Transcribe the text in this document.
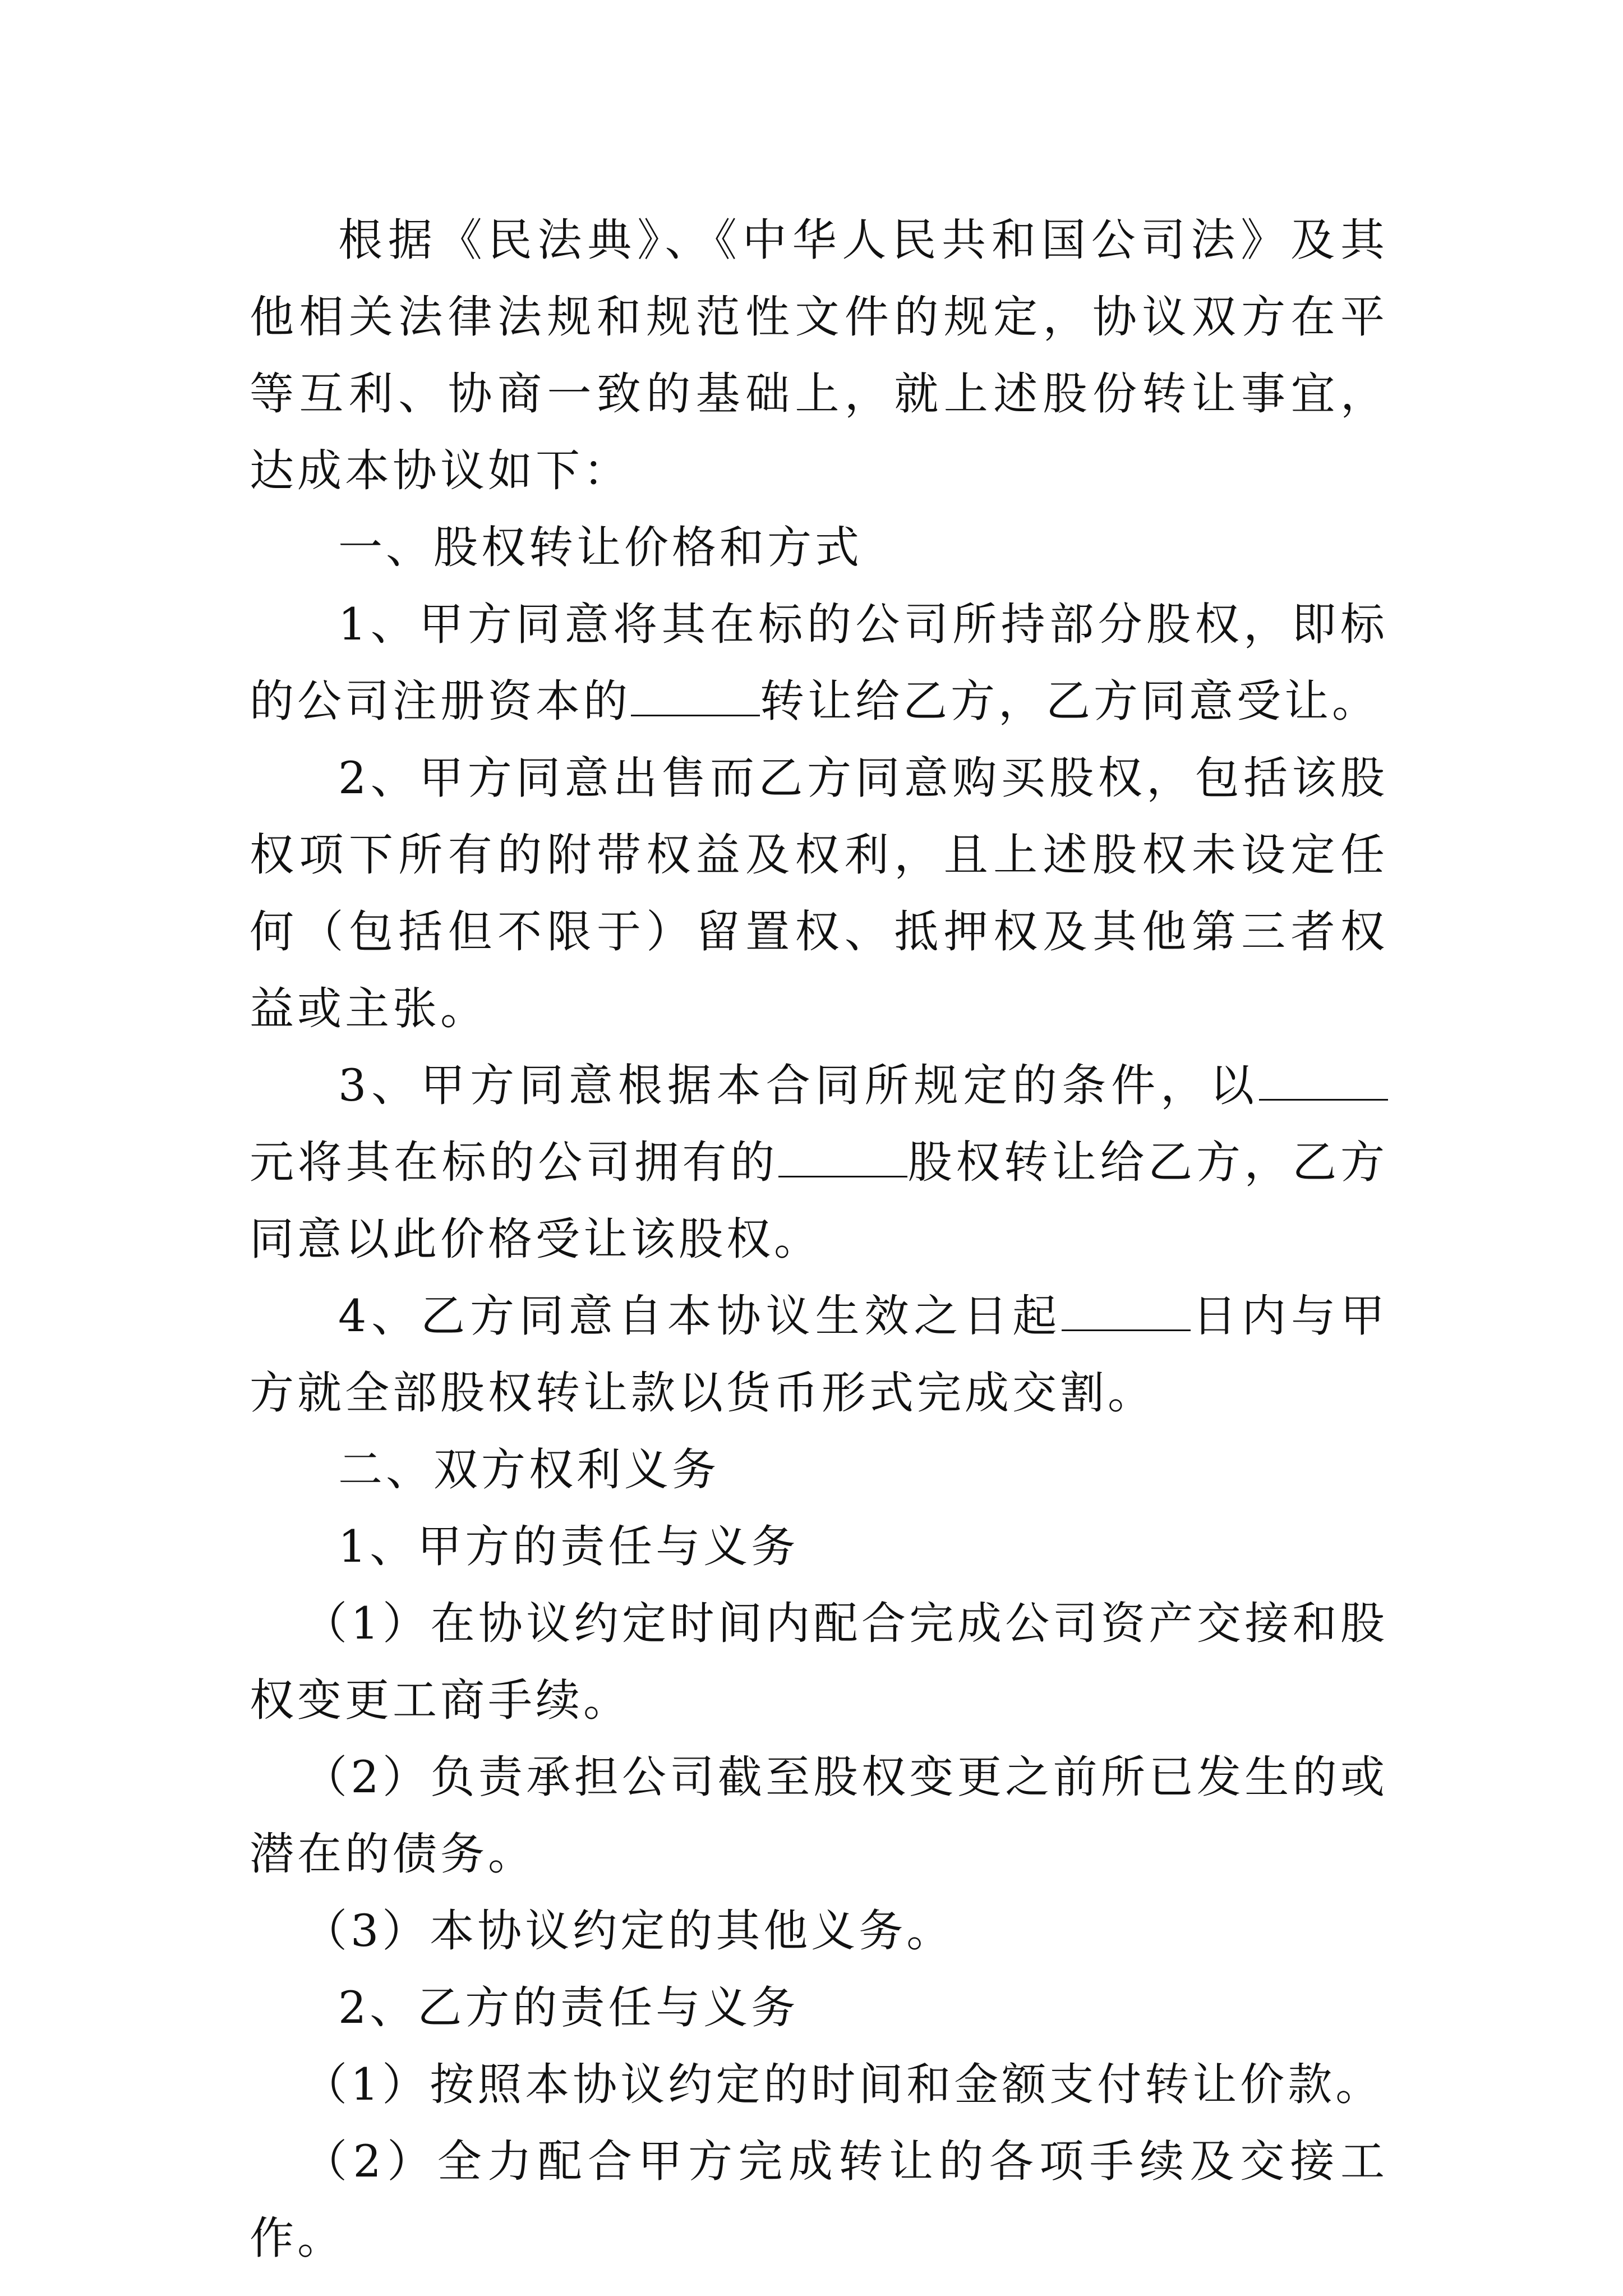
根据《民法典》、《中华人民共和国公司法》及其他相关法律法规和规范性文件的规定，协议双方在平等互利、协商一致的基础上，就上述股份转让事宜，达成本协议如下：

一、股权转让价格和方式

1、甲方同意将其在标的公司所持部分股权，即标的公司注册资本的	转让给乙方，乙方同意受让。

2、甲方同意出售而乙方同意购买股权，包括该股权项下所有的附带权益及权利，且上述股权未设定任何（包括但不限于）留置权、抵押权及其他第三者权益或主张。

3、甲方同意根据本合同所规定的条件，以元将其在标的公司拥有的	股权转让给乙方，乙方同意以此价格受让该股权。

4、乙方同意自本协议生效之日起	日内与甲方就全部股权转让款以货币形式完成交割。

二、双方权利义务

1、甲方的责任与义务

（1）在协议约定时间内配合完成公司资产交接和股权变更工商手续。

（2）负责承担公司截至股权变更之前所已发生的或潜在的债务。

（3）本协议约定的其他义务。

2、乙方的责任与义务

（1）按照本协议约定的时间和金额支付转让价款。

（2）全力配合甲方完成转让的各项手续及交接工作。
